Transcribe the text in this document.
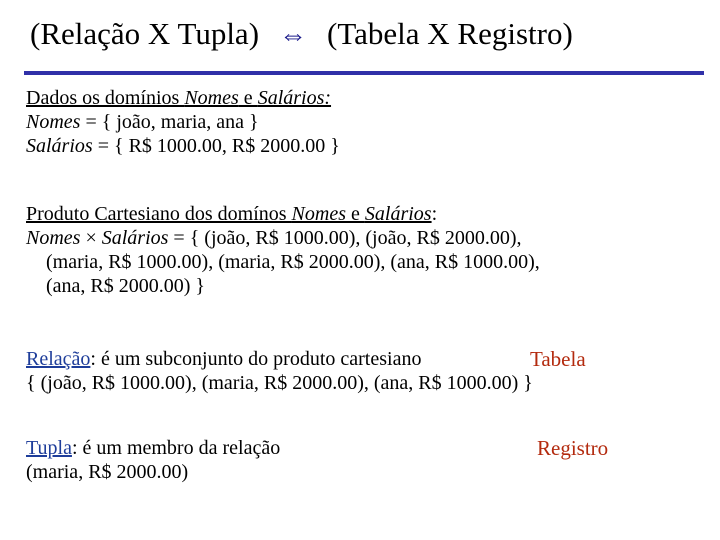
(Relação X Tupla) ⇔ (Tabela X Registro)
Dados os domínios Nomes e Salários:
Nomes = { joão, maria, ana }
Salários = { R$ 1000.00, R$ 2000.00 }
Produto Cartesiano dos domínos Nomes e Salários:
Nomes × Salários = { (joão, R$ 1000.00), (joão, R$ 2000.00),
(maria, R$ 1000.00), (maria, R$ 2000.00), (ana, R$ 1000.00),
(ana, R$ 2000.00) }
Relação: é um subconjunto do produto cartesiano
{ (joão, R$ 1000.00), (maria, R$ 2000.00), (ana, R$ 1000.00) }
Tabela
Tupla: é um membro da relação
(maria, R$ 2000.00)
Registro
